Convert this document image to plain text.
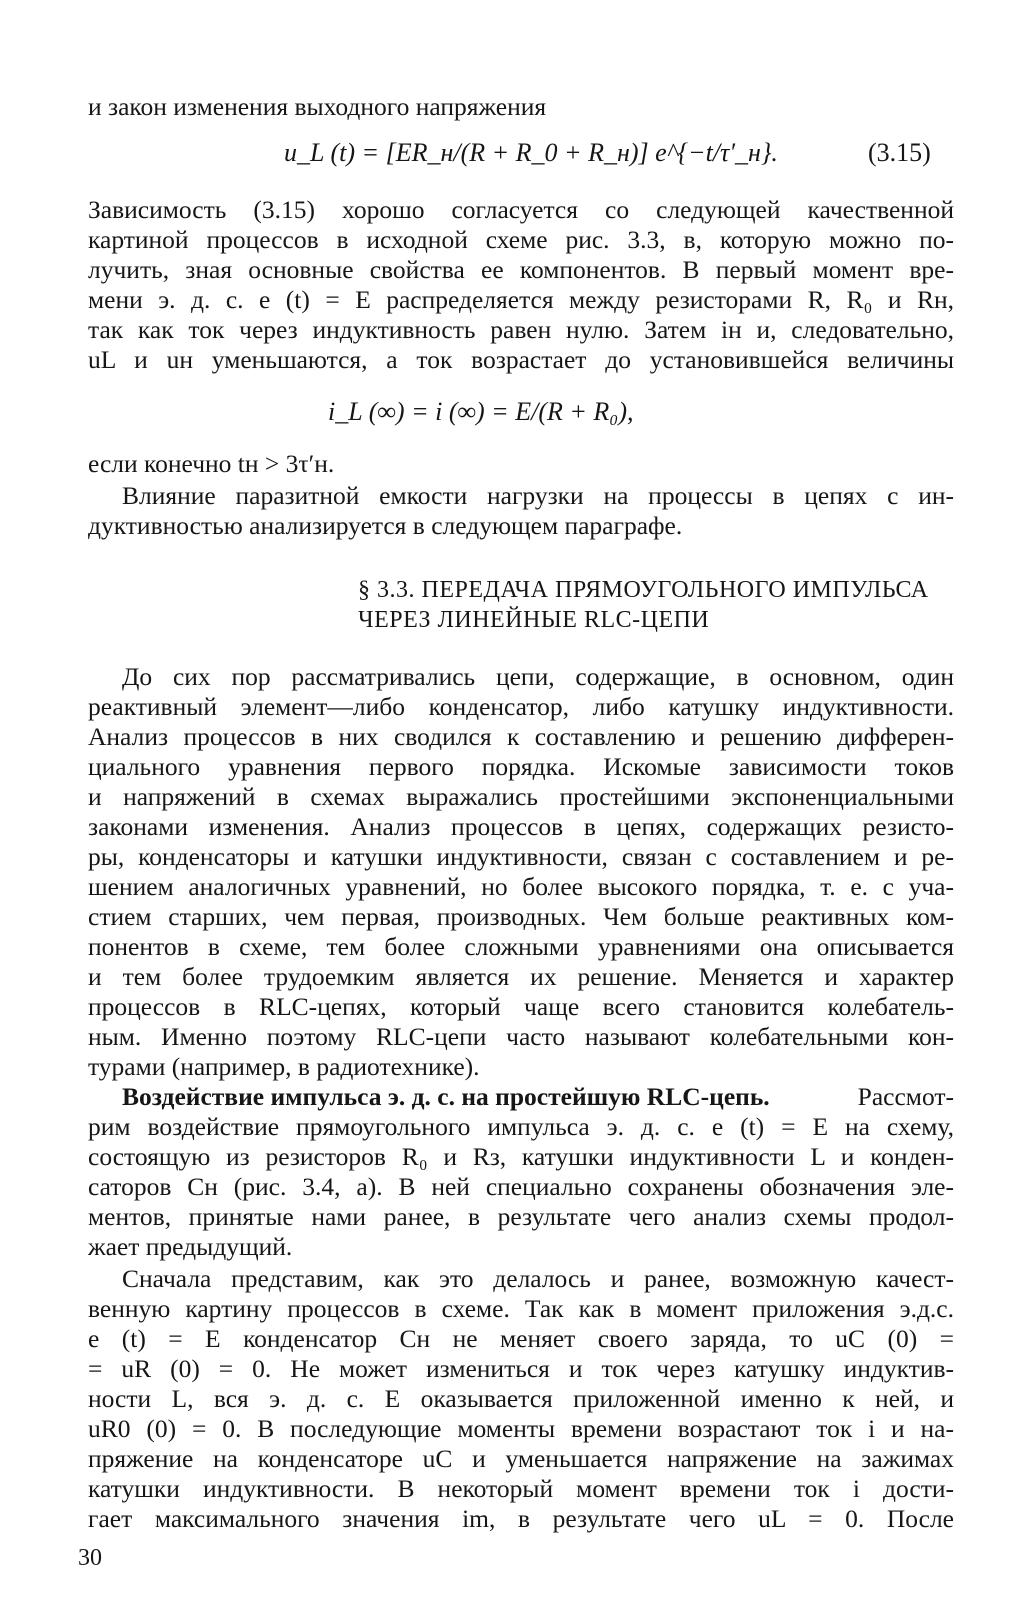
и закон изменения выходного напряжения
u_L (t) = [ER_н/(R + R_0 + R_н)] e^{−t/τ′_н}.	(3.15)
Зависимость (3.15) хорошо согласуется со следующей качественной
картиной процессов в исходной схеме рис. 3.3, в, которую можно по-
лучить, зная основные свойства ее компонентов. В первый момент вре-
мени э. д. с. e (t) = E распределяется между резисторами R, R₀ и Rн,
так как ток через индуктивность равен нулю. Затем iн и, следовательно,
uL и uн уменьшаются, а ток возрастает до установившейся величины
i_L (∞) = i (∞) = E/(R + R₀),
если конечно tн > 3τ′н.
Влияние паразитной емкости нагрузки на процессы в цепях с ин-
дуктивностью анализируется в следующем параграфе.
§ 3.3. ПЕРЕДАЧА ПРЯМОУГОЛЬНОГО ИМПУЛЬСА
ЧЕРЕЗ ЛИНЕЙНЫЕ RLC-ЦЕПИ
До сих пор рассматривались цепи, содержащие, в основном, один
реактивный элемент—либо конденсатор, либо катушку индуктивности.
Анализ процессов в них сводился к составлению и решению дифферен-
циального уравнения первого порядка. Искомые зависимости токов
и напряжений в схемах выражались простейшими экспоненциальными
законами изменения. Анализ процессов в цепях, содержащих резисто-
ры, конденсаторы и катушки индуктивности, связан с составлением и ре-
шением аналогичных уравнений, но более высокого порядка, т. е. с уча-
стием старших, чем первая, производных. Чем больше реактивных ком-
понентов в схеме, тем более сложными уравнениями она описывается
и тем более трудоемким является их решение. Меняется и характер
процессов в RLC-цепях, который чаще всего становится колебатель-
ным. Именно поэтому RLC-цепи часто называют колебательными кон-
турами (например, в радиотехнике).
Воздействие импульса э. д. с. на простейшую RLC-цепь.	Рассмот-
рим воздействие прямоугольного импульса э. д. с. e (t) = E на схему,
состоящую из резисторов R₀ и Rз, катушки индуктивности L и конден-
саторов Cн (рис. 3.4, а). В ней специально сохранены обозначения эле-
ментов, принятые нами ранее, в результате чего анализ схемы продол-
жает предыдущий.
Сначала представим, как это делалось и ранее, возможную качест-
венную картину процессов в схеме. Так как в момент приложения э.д.с.
e (t) = E конденсатор Cн не меняет своего заряда, то uC (0) =
= uR (0) = 0. Не может измениться и ток через катушку индуктив-
ности L, вся э. д. с. E оказывается приложенной именно к ней, и
uR0 (0) = 0. В последующие моменты времени возрастают ток i и на-
пряжение на конденсаторе uC и уменьшается напряжение на зажимах
катушки индуктивности. В некоторый момент времени ток i дости-
гает максимального значения im, в результате чего uL = 0. После
30
